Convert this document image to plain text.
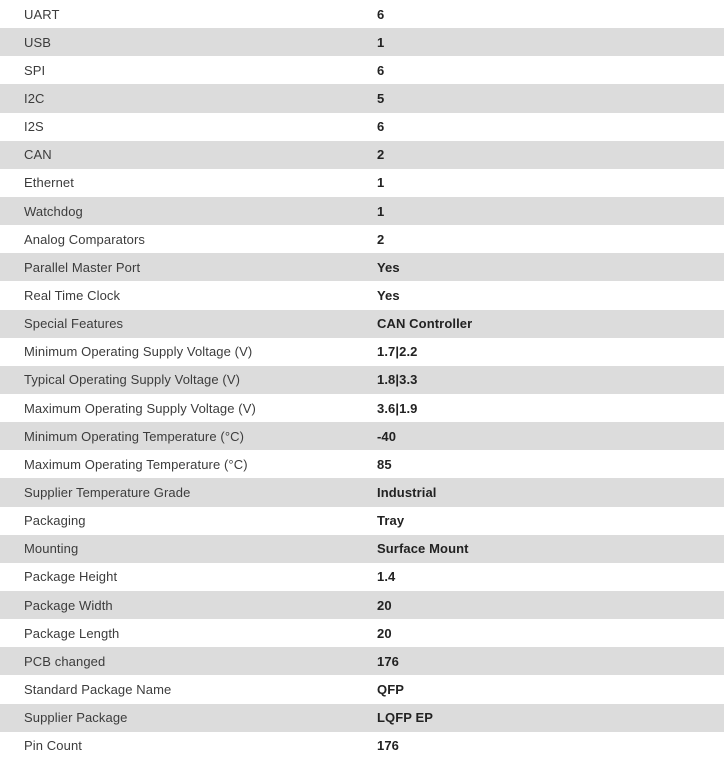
UART	6
USB	1
SPI	6
I2C	5
I2S	6
CAN	2
Ethernet	1
Watchdog	1
Analog Comparators	2
Parallel Master Port	Yes
Real Time Clock	Yes
Special Features	CAN Controller
Minimum Operating Supply Voltage (V)	1.7|2.2
Typical Operating Supply Voltage (V)	1.8|3.3
Maximum Operating Supply Voltage (V)	3.6|1.9
Minimum Operating Temperature (°C)	-40
Maximum Operating Temperature (°C)	85
Supplier Temperature Grade	Industrial
Packaging	Tray
Mounting	Surface Mount
Package Height	1.4
Package Width	20
Package Length	20
PCB changed	176
Standard Package Name	QFP
Supplier Package	LQFP EP
Pin Count	176
